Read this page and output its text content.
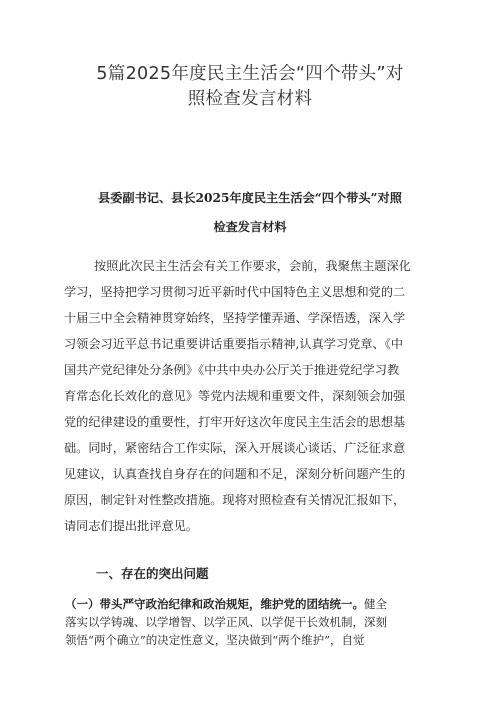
5篇2025年度民主生活会“四个带头”对
照检查发言材料
县委副书记、县长2025年度民主生活会“四个带头”对照
检查发言材料
按照此次民主生活会有关工作要求，会前，我聚焦主题深化
学习，坚持把学习贯彻习近平新时代中国特色主义思想和党的二
十届三中全会精神贯穿始终，坚持学懂弄通、学深悟透，深入学
习领会习近平总书记重要讲话重要指示精神,认真学习党章、《中
国共产党纪律处分条例》《中共中央办公厅关于推进党纪学习教
育常态化长效化的意见》等党内法规和重要文件，深刻领会加强
党的纪律建设的重要性，打牢开好这次年度民主生活会的思想基
础。同时，紧密结合工作实际，深入开展谈心谈话、广泛征求意
见建议，认真查找自身存在的问题和不足，深刻分析问题产生的
原因，制定针对性整改措施。现将对照检查有关情况汇报如下，
请同志们提出批评意见。
一、存在的突出问题
（一）带头严守政治纪律和政治规矩，维护党的团结统一。健全
落实以学铸魂、以学增智、以学正风、以学促干长效机制，深刻
领悟“两个确立”的决定性意义，坚决做到“两个维护”，自觉
